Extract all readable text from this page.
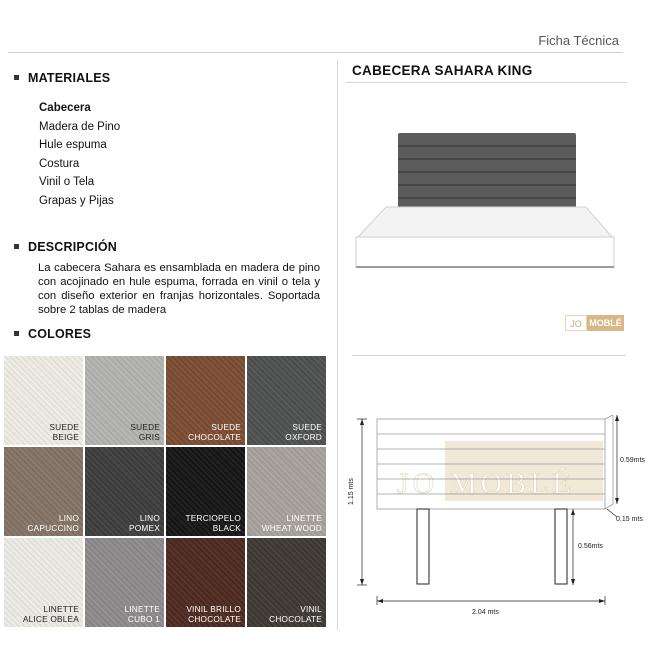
Ficha Técnica
MATERIALES
Cabecera
Madera de Pino
Hule espuma
Costura
Vinil o Tela
Grapas y Pijas
DESCRIPCIÓN
La cabecera Sahara es ensamblada en madera de pino con acojinado en hule espuma, forrada en vinil o tela y con diseño exterior en franjas horizontales. Soportada sobre 2 tablas de madera
COLORES
SUEDE
BEIGE
SUEDE
GRIS
SUEDE
CHOCOLATE
SUEDE
OXFORD
LINO
CAPUCCINO
LINO
POMEX
TERCIOPELO
BLACK
LINETTE
WHEAT WOOD
LINETTE
ALICE OBLEA
LINETTE
CUBO 1
VINIL BRILLO
CHOCOLATE
VINIL
CHOCOLATE
CABECERA SAHARA KING
JO MOBLÉ
JO MOBLÉ
1.15 mts
0.59mts
0.15 mts
0.56mts
2.04 mts
